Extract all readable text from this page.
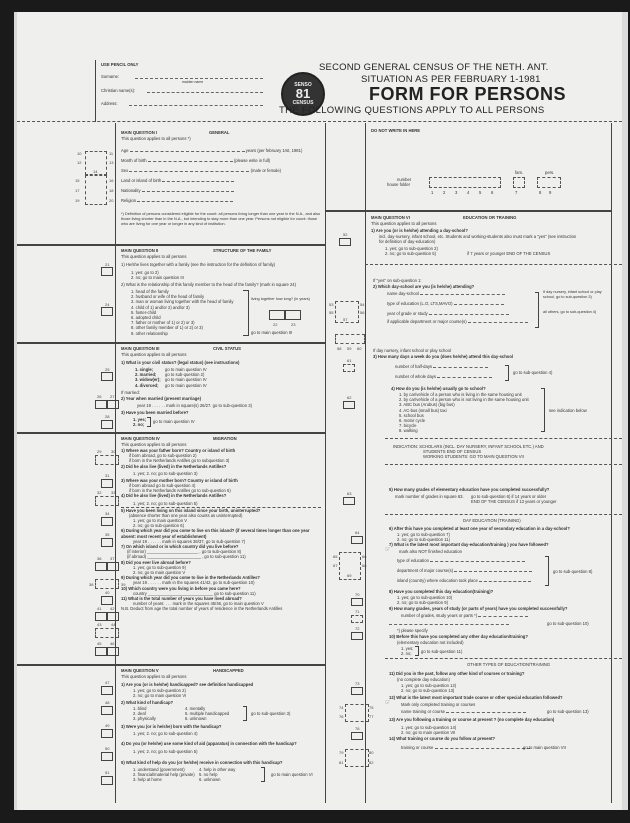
USE PENCIL ONLY
Surname:
maiden name
Christian name(s):
Address:
SENSO
81
CENSUS
SECOND GENERAL CENSUS OF THE NETH. ANT.
SITUATION AS PER FEBRUARY 1-1981
FORM FOR PERSONS
THE FOLLOWING QUESTIONS APPLY TO ALL PERSONS
10	11
12	13
14
15	16
17	18
19	20
MAIN QUESTION I	GENERAL
This question applies to all persons *)
Age	years (per february 1rst, 1981)
Month of birth	(please write in full)
Sex	(male or female)
Land or island of birth
Nationality
Religion
*) Definition of persons considered eligible for the count: all persons living longer than one year in the N.A., and also those living shorter than in the N.A., but intending to stay more than one year. Persons not eligible for count: those who are living for one year or longer in any kind of institution.
21
24
MAIN QUESTION II	STRUCTURE OF THE FAMILY
This question applies to all persons
1) He/she lives together with a family (see the instruction for the definition of family)
1. yes: go to 2)
2. no; go to main question III
2) What is the relationship of this family member to the head of the family? (mark in square 24)
1. head of the family
2. husband or wife of the head of family
3. man or woman living together with the head of family
4. child of 1) and/or 2) and/or 3)
5. foster-child
6. adopted child
7. father or mother of 1) or 2) or 3)
8. other family member of 1) or 2) or 3)
9. other relationship
living together how long? (in years)
22	23
go to main question III
25
26 27
28
MAIN QUESTION III	CIVIL STATUS
This question applies to all persons
1) What is your civil status? (legal status) (see instructions)
1. single;	go to main question IV
2. married; go to sub-question 2)
3. widow(er); go to main question IV
4. divorced; go to main question IV
If married:
2) Year when married (present marriage)
year 19 . . . . . . mark in square(s) 26/27. go to sub-question 3)
3) Have you been married before?
1. yes;
2. no;
go to main question IV
29 30
31
32 33
34
35
36 37
38	39
40
41 42
43 44
45 46
MAIN QUESTION IV	MIGRATION
This question applies to all persons
1) Where was your father born? Country or island of birth
if born abroad, go to sub-question 2)
if born in the Netherlands Antilles go to subquestion 3)
2) Did he also live (lived) in the Netherlands Antilles?
1. yes; 2. no; go to sub-question 3)
3) Where was your mother born? Country or island of birth
if born abroad go to sub-question 4)
if born in the Netherlands Antilles go to sub-question 5)
4) Did he also live (lived) in the Netherlands Antilles?
1. yes; 2. no; go to sub-question 5)
5) Have you been living on this island since your birth, uninterrupted?
(absence shorter than one year also counts as uninterrupted)
1. yes; go to main question V
2. no; go to sub-question 6)
6) During which year did you come to live on this island? (if several times longer than one year absent: most recent year of establishment)
year 19 . . . . . . mark in squares 36/37, go to sub-question 7)
7) On which island or in which country did you live before?
(if interior) ______________________ , go to sub-question 8)
(if abroad) _______________________ , go to sub-question 11)
8) Did you ever live abroad before?
1. yes; go to sub-question 9)
2. no; go to main question V
9) During which year did you come to live in the Netherlands Antilles?
year 19 . . . . . . mark in the squares 41/42, go to sub-question 10)
10) Which country were you living in before you came here?
country ____________________________ go to sub-question 11)
11) What is the total number of years you have lived abroad?
number of years: . . . mark in the squares 45/46, go to main question V
N.B. Deduct from age the total number of years of residence in the Netherlands Antilles
47
48
49
50
51
MAIN QUESTION V	HANDICAPPED
This question applies to all persons
1) Are you (or is he/she) handicapped? see definition handicapped
1. yes; go to sub-question 2)
2. no; go to main question VI
2) What kind of handicap?
1. blind
2. deaf
3. physically
4. mentally
5. multiple handicapped
6. unknown
go to sub-question 3)
3) Were you (or is he/she) born with the handicap?
1. yes; 2. no; go to sub-question 4)
4) Do you (or he/she) use some kind of aid (apparatus) in connection with the handicap?
1. yes; 2. no; go to sub-question 5)
5) What kind of help do you (or he/she) receive in connection with this handicap?
1. understand (government)
2. financial/material help (private)
3. help at home
4. help in other way
5. no help
6. unknown
go to main question VI
DO NOT WRITE IN HERE
number
house folder
fam.	pers.
1	2	3	4	5	6	7	8	9
52
53	54
55	56
57
58 59 60
61
62
63
64
65	66
67	68
69
70
71
72
73
74	75
76	77
78
79	80
81	82
MAIN QUESTION VI	EDUCATION OR TRAINING
This question applies to all persons
1) Are you (or is he/she) attending a day-school?
incl. day-nursery, infant school, etc. Students and working-students also must mark a "yes" (see instruction for definition of day-education)
1. yes; go to sub-question 2)
2. no; go to sub-question 5)	if 7 years or younger END OF THE CENSUS
If "yes" on sub-question 1:
2) Which day-school are you (is he/she) attending?
name day-school
type of education (L.O, LTS,MAVO)
year of grade or study
if applicable department or major course(s)
If day nursery, infant school or play school, go to sub-question 3)
all others, go to sub-question 4)
If day nursery, infant school or play school
3) How many days a week do you (does he/she) attend this day-school
number of half-days
number of whole days
go to sub-question 4)
4) How do you (is he/she) usually go to school?
1. by car/vehicle of a person who is living in the same housing unit
2. by car/vehicle of a person who is not living in the same housing unit
3. ABC bus (Arubus) (big bus)
4. AC-bus (small bus) taxi
5. school bus
6. motor cycle
7. bicycle
8. walking
see indication below
INDICATION: SCHOLARS (INCL. DAY NURSERY, INFANT SCHOOL ETC.) AND
STUDENTS END OF CENSUS
WORKING STUDENTS: GO TO MAIN QUESTION VII
5) How many grades of elementary education have you completed successfully?
mark number of grades in square 63. go to sub-question 6) if 14 years or older
END OF THE CENSUS if 13 years or younger
DAY EDUCATION (TRAINING)
6) After this have you completed at least one year of secondary education in a day-school?
1. yes; go to sub-question 7)
2. no; go to sub-question 11)
7) What is the latest most important day-education/training ) you have followed?
☞ mark also NOT finished education
type of education
department of major course(s)
island (country) where education took place
go to sub-question 8)
8) Have you completed this day education(training)?
1. yes; go to sub-question 10)
2. no; go to sub-question 9)
9) How many grades, years of study (or parts of years) have you completed successfully?
number of grades, study years or parts *)
go to sub-question 10)
*) please specify
10) Before this have you completed any other day education/training?
(elementary education not included)
1. yes;
2. no; go to sub-question 11)
OTHER TYPES OF EDUCATION/TRAINING
11) Did you in the past, follow any other kind of courses or training?
(no complete day education)
1. yes; go to sub-question 12)
2. no; go to sub-question 13)
12) What is the latest most important trade course or other special education followed?
☞	Mark only completed training or courses
name training or course	go to sub-question 13)
13) Are you following a training or course at present ? (no complete day education)
1. yes; go to sub-question 14)
2. no; go to main question VII
14) What training or course do you follow at present?
training or course	go to main question VII
